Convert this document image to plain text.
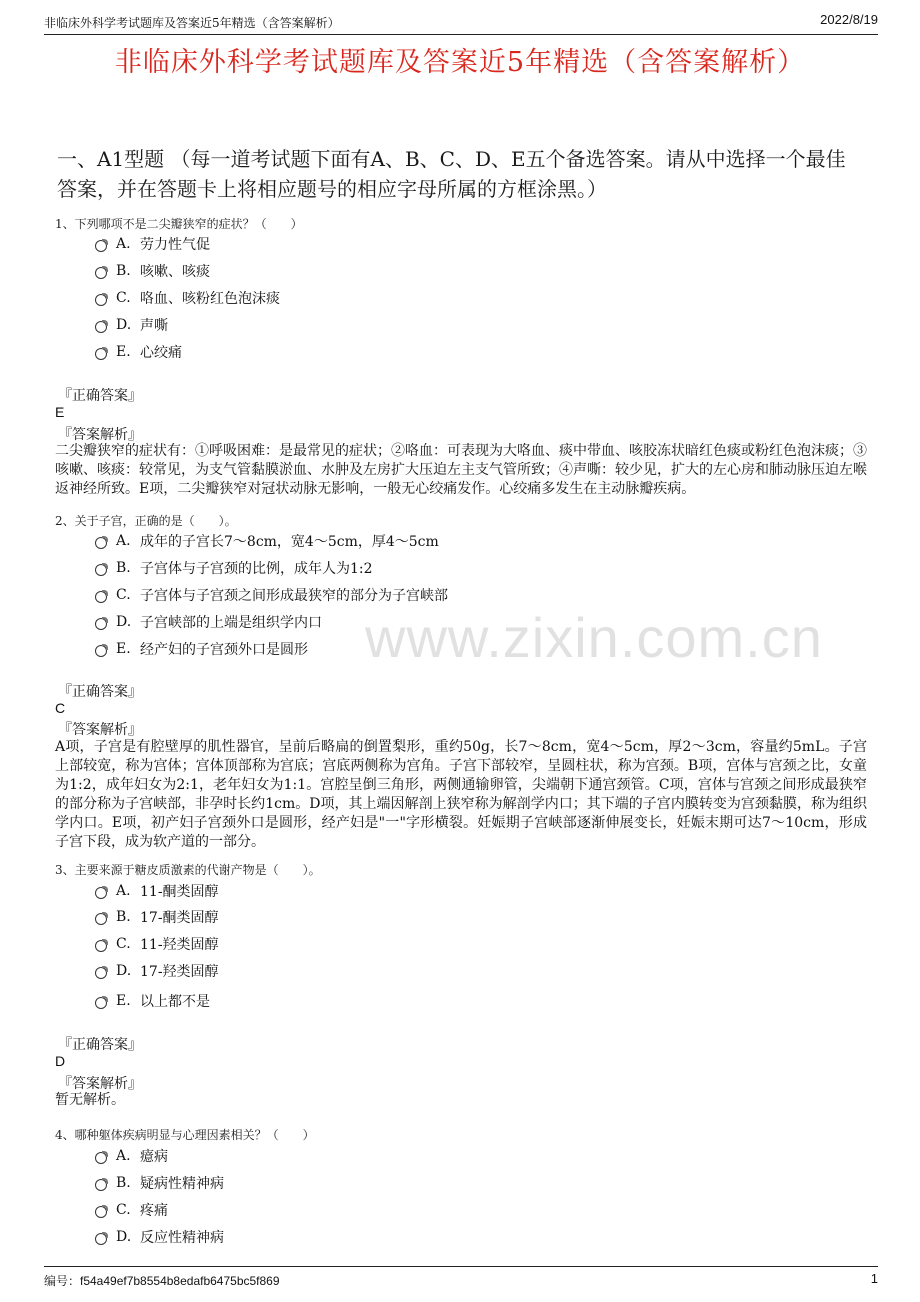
非临床外科学考试题库及答案近5年精选（含答案解析）	2022/8/19
非临床外科学考试题库及答案近5年精选（含答案解析）
一、A1型题 （每一道考试题下面有A、B、C、D、E五个备选答案。请从中选择一个最佳答案，并在答题卡上将相应题号的相应字母所属的方框涂黑。）
www.zixin.com.cn
1、下列哪项不是二尖瓣狭窄的症状？（　　）
A. 劳力性气促
B. 咳嗽、咳痰
C. 咯血、咳粉红色泡沫痰
D. 声嘶
E. 心绞痛
『正确答案』
E
『答案解析』
二尖瓣狭窄的症状有：①呼吸困难：是最常见的症状；②咯血：可表现为大咯血、痰中带血、咳胶冻状暗红色痰或粉红色泡沫痰；③咳嗽、咳痰：较常见，为支气管黏膜淤血、水肿及左房扩大压迫左主支气管所致；④声嘶：较少见，扩大的左心房和肺动脉压迫左喉返神经所致。E项，二尖瓣狭窄对冠状动脉无影响，一般无心绞痛发作。心绞痛多发生在主动脉瓣疾病。
2、关于子宫，正确的是（　　）。
A. 成年的子宫长7～8cm，宽4～5cm，厚4～5cm
B. 子宫体与子宫颈的比例，成年人为1:2
C. 子宫体与子宫颈之间形成最狭窄的部分为子宫峡部
D. 子宫峡部的上端是组织学内口
E. 经产妇的子宫颈外口是圆形
『正确答案』
C
『答案解析』
A项，子宫是有腔壁厚的肌性器官，呈前后略扁的倒置梨形，重约50g，长7～8cm，宽4～5cm，厚2～3cm，容量约5mL。子宫上部较宽，称为宫体；宫体顶部称为宫底；宫底两侧称为宫角。子宫下部较窄，呈圆柱状，称为宫颈。B项，宫体与宫颈之比，女童为1:2，成年妇女为2:1，老年妇女为1:1。宫腔呈倒三角形，两侧通输卵管，尖端朝下通宫颈管。C项，宫体与宫颈之间形成最狭窄的部分称为子宫峡部，非孕时长约1cm。D项，其上端因解剖上狭窄称为解剖学内口；其下端的子宫内膜转变为宫颈黏膜，称为组织学内口。E项，初产妇子宫颈外口是圆形，经产妇是"一"字形横裂。妊娠期子宫峡部逐渐伸展变长，妊娠末期可达7～10cm，形成子宫下段，成为软产道的一部分。
3、主要来源于糖皮质激素的代谢产物是（　　）。
A. 11-酮类固醇
B. 17-酮类固醇
C. 11-羟类固醇
D. 17-羟类固醇
E. 以上都不是
『正确答案』
D
『答案解析』
暂无解析。
4、哪种躯体疾病明显与心理因素相关？（　　）
A. 癔病
B. 疑病性精神病
C. 疼痛
D. 反应性精神病
编号：f54a49ef7b8554b8edafb6475bc5f869	1
